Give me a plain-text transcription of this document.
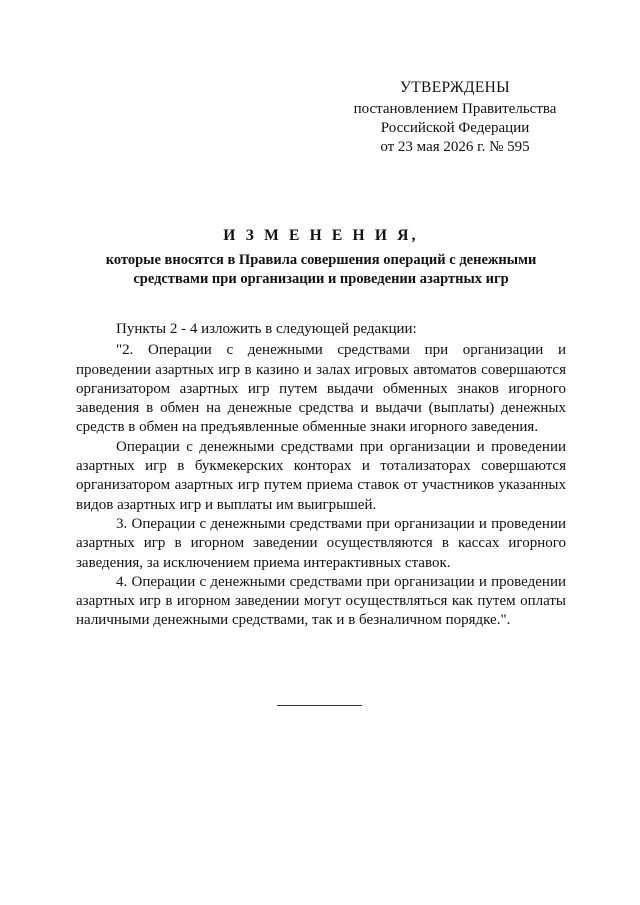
УТВЕРЖДЕНЫ
постановлением Правительства
Российской Федерации
от 23 мая 2026 г. № 595
И З М Е Н Е Н И Я,
которые вносятся в Правила совершения операций с денежными
средствами при организации и проведении азартных игр

Пункты 2 - 4 изложить в следующей редакции:

"2. Операции с денежными средствами при организации и проведении азартных игр в казино и залах игровых автоматов совершаются организатором азартных игр путем выдачи обменных знаков игорного заведения в обмен на денежные средства и выдачи (выплаты) денежных средств в обмен на предъявленные обменные знаки игорного заведения.

Операции с денежными средствами при организации и проведении азартных игр в букмекерских конторах и тотализаторах совершаются организатором азартных игр путем приема ставок от участников указанных видов азартных игр и выплаты им выигрышей.

3. Операции с денежными средствами при организации и проведении азартных игр в игорном заведении осуществляются в кассах игорного заведения, за исключением приема интерактивных ставок.

4. Операции с денежными средствами при организации и проведении азартных игр в игорном заведении могут осуществляться как путем оплаты наличными денежными средствами, так и в безналичном порядке.".
